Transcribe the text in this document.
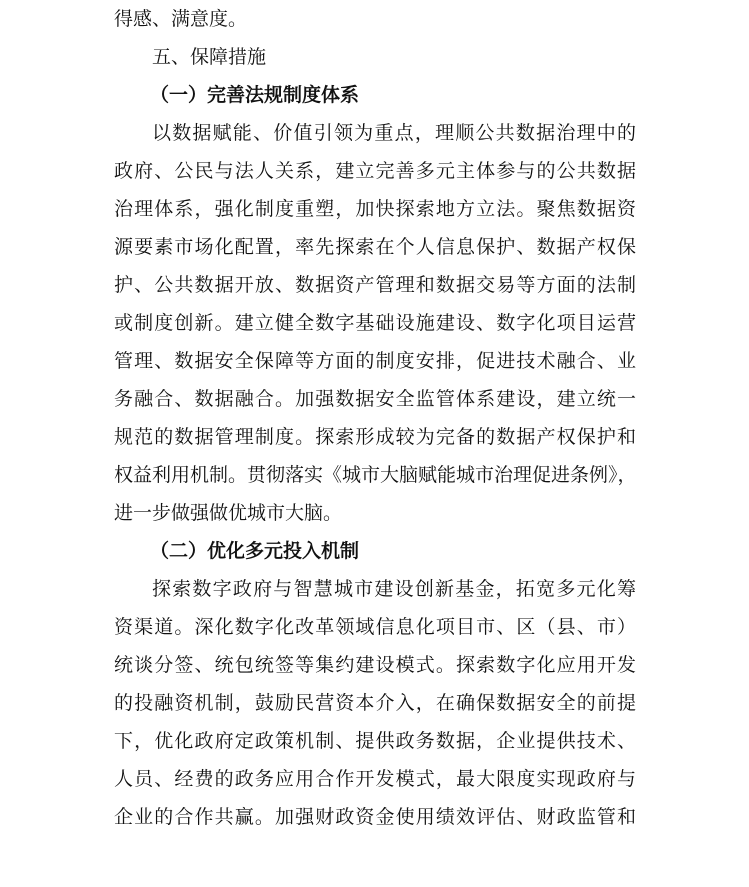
得感、满意度。
五、保障措施
（一）完善法规制度体系
以数据赋能、价值引领为重点，理顺公共数据治理中的
政府、公民与法人关系，建立完善多元主体参与的公共数据
治理体系，强化制度重塑，加快探索地方立法。聚焦数据资
源要素市场化配置，率先探索在个人信息保护、数据产权保
护、公共数据开放、数据资产管理和数据交易等方面的法制
或制度创新。建立健全数字基础设施建设、数字化项目运营
管理、数据安全保障等方面的制度安排，促进技术融合、业
务融合、数据融合。加强数据安全监管体系建设，建立统一
规范的数据管理制度。探索形成较为完备的数据产权保护和
权益利用机制。贯彻落实《城市大脑赋能城市治理促进条例》，
进一步做强做优城市大脑。
（二）优化多元投入机制
探索数字政府与智慧城市建设创新基金，拓宽多元化筹
资渠道。深化数字化改革领域信息化项目市、区（县、市）
统谈分签、统包统签等集约建设模式。探索数字化应用开发
的投融资机制，鼓励民营资本介入，在确保数据安全的前提
下，优化政府定政策机制、提供政务数据，企业提供技术、
人员、经费的政务应用合作开发模式，最大限度实现政府与
企业的合作共赢。加强财政资金使用绩效评估、财政监管和
